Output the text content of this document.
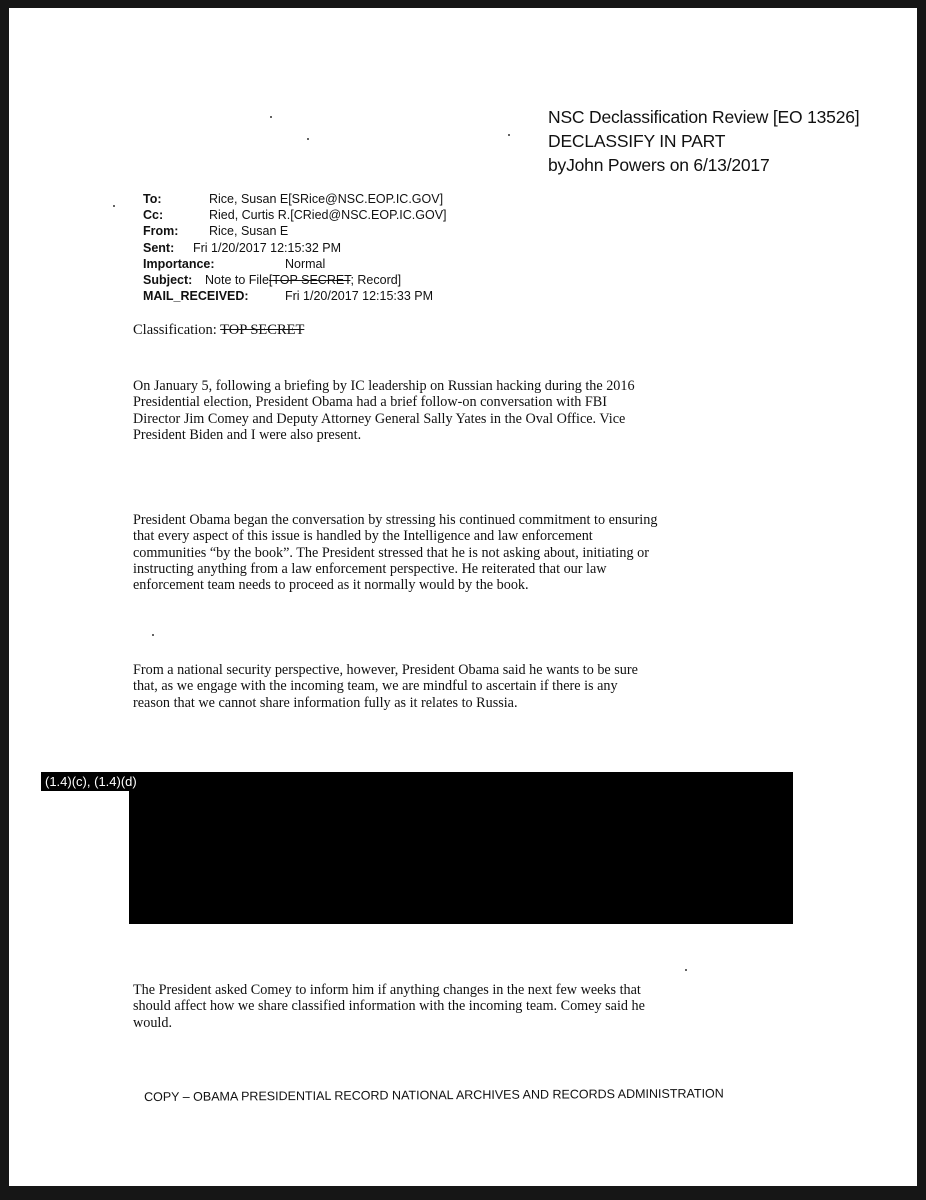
NSC Declassification Review [EO 13526]
DECLASSIFY IN PART
byJohn Powers on 6/13/2017
To:	Rice, Susan E[SRice@NSC.EOP.IC.GOV]
Cc:	Ried, Curtis R.[CRied@NSC.EOP.IC.GOV]
From: Rice, Susan E
Sent: Fri 1/20/2017 12:15:32 PM
Importance:	Normal
Subject: Note to File[TOP SECRET; Record]
MAIL_RECEIVED:	Fri 1/20/2017 12:15:33 PM
Classification: TOP SECRET
On January 5, following a briefing by IC leadership on Russian hacking during the 2016
Presidential election, President Obama had a brief follow-on conversation with FBI
Director Jim Comey and Deputy Attorney General Sally Yates in the Oval Office. Vice
President Biden and I were also present.
President Obama began the conversation by stressing his continued commitment to ensuring
that every aspect of this issue is handled by the Intelligence and law enforcement
communities “by the book”. The President stressed that he is not asking about, initiating or
instructing anything from a law enforcement perspective. He reiterated that our law
enforcement team needs to proceed as it normally would by the book.
From a national security perspective, however, President Obama said he wants to be sure
that, as we engage with the incoming team, we are mindful to ascertain if there is any
reason that we cannot share information fully as it relates to Russia.
(1.4)(c), (1.4)(d)
The President asked Comey to inform him if anything changes in the next few weeks that
should affect how we share classified information with the incoming team. Comey said he
would.
COPY – OBAMA PRESIDENTIAL RECORD NATIONAL ARCHIVES AND RECORDS ADMINISTRATION
